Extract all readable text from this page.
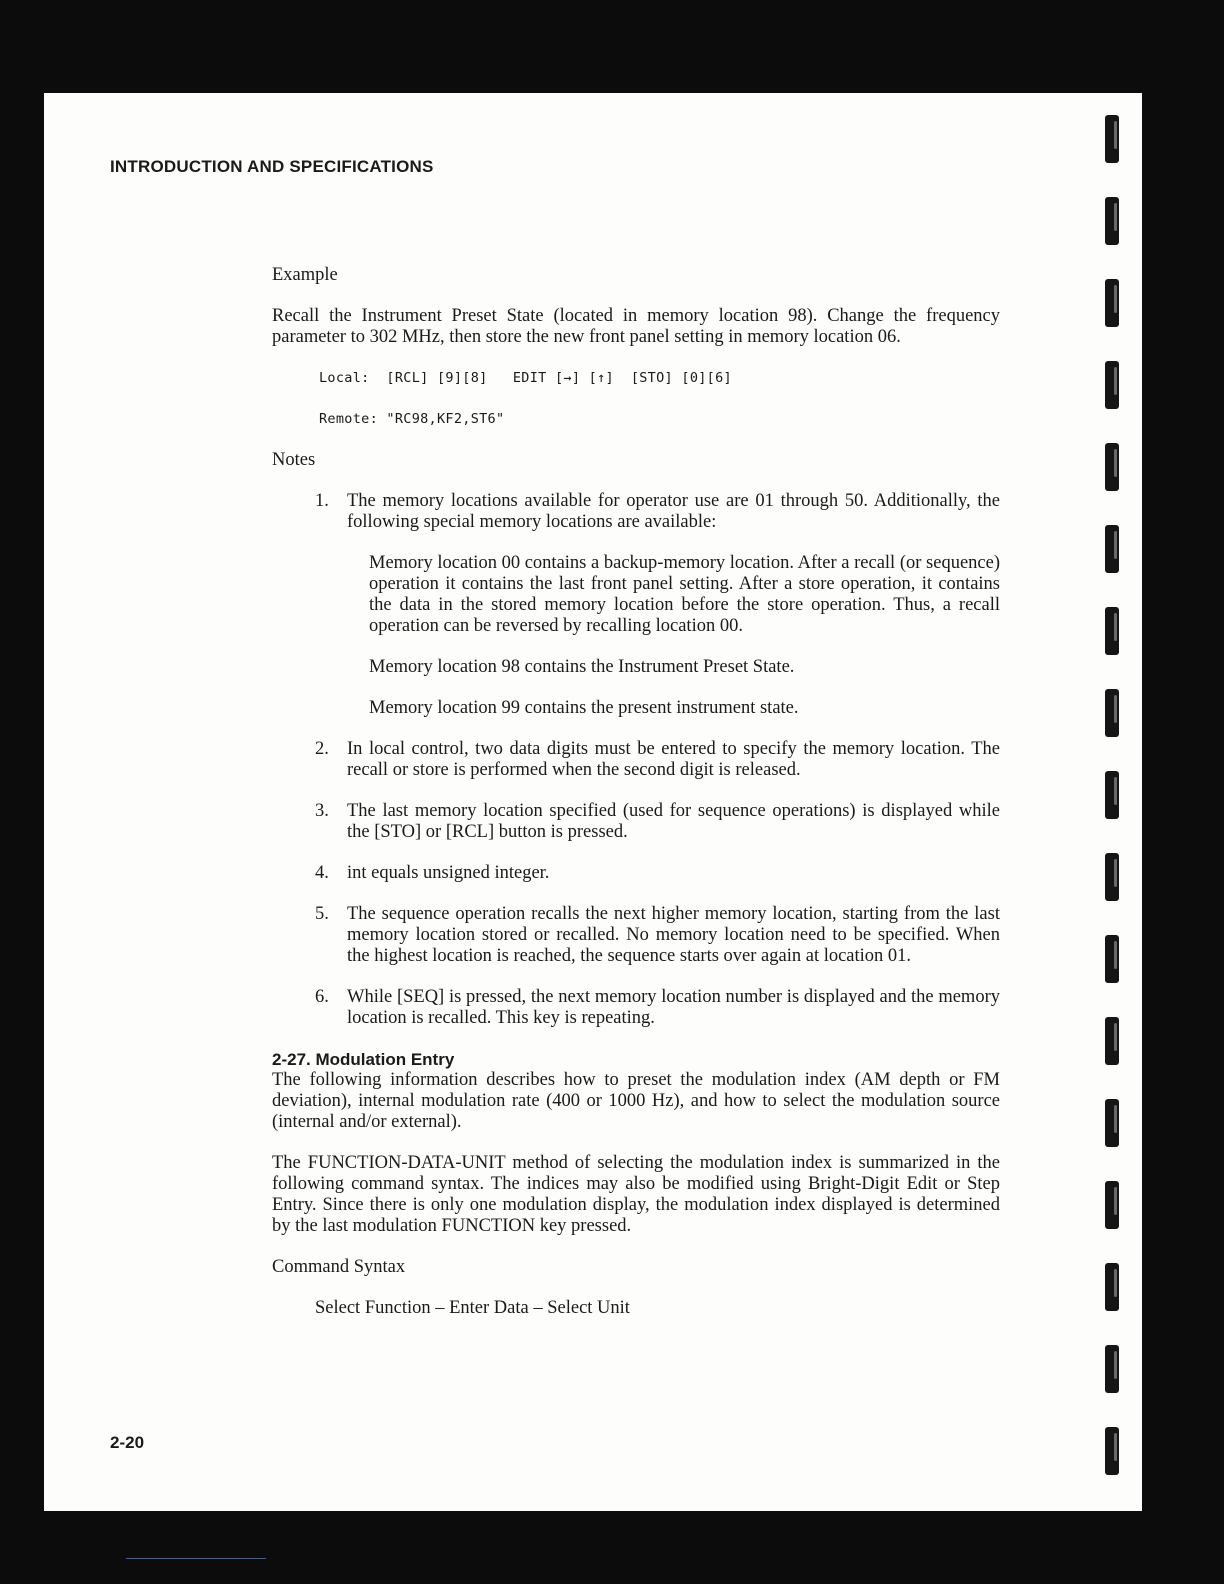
INTRODUCTION AND SPECIFICATIONS
Example

Recall the Instrument Preset State (located in memory location 98). Change the frequency parameter to 302 MHz, then store the new front panel setting in memory location 06.

Local:  [RCL] [9][8]   EDIT [→] [↑]  [STO] [0][6]
Remote: "RC98,KF2,ST6"
Notes
1. The memory locations available for operator use are 01 through 50. Additionally, the following special memory locations are available:

Memory location 00 contains a backup-memory location. After a recall (or sequence) operation it contains the last front panel setting. After a store operation, it contains the data in the stored memory location before the store operation. Thus, a recall operation can be reversed by recalling location 00.

Memory location 98 contains the Instrument Preset State.

Memory location 99 contains the present instrument state.

2. In local control, two data digits must be entered to specify the memory location. The recall or store is performed when the second digit is released.
3. The last memory location specified (used for sequence operations) is displayed while the [STO] or [RCL] button is pressed.
4. int equals unsigned integer.
5. The sequence operation recalls the next higher memory location, starting from the last memory location stored or recalled. No memory location need to be specified. When the highest location is reached, the sequence starts over again at location 01.
6. While [SEQ] is pressed, the next memory location number is displayed and the memory location is recalled. This key is repeating.
2-27. Modulation Entry

The following information describes how to preset the modulation index (AM depth or FM deviation), internal modulation rate (400 or 1000 Hz), and how to select the modulation source (internal and/or external).

The FUNCTION-DATA-UNIT method of selecting the modulation index is summarized in the following command syntax. The indices may also be modified using Bright-Digit Edit or Step Entry. Since there is only one modulation display, the modulation index displayed is determined by the last modulation FUNCTION key pressed.

Command Syntax
Select Function – Enter Data – Select Unit
2-20
